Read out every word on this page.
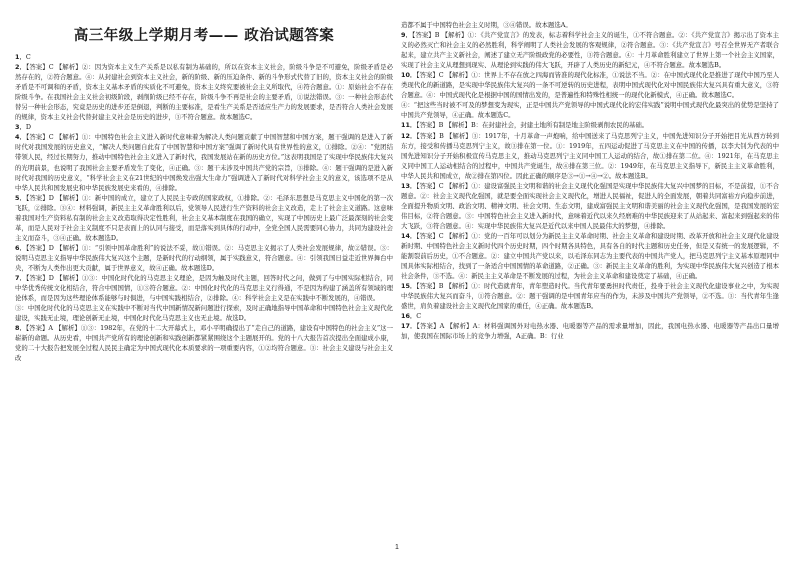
高三年级上学期月考—— 政治试题答案

1．C

2．【答案】C 【解析】②：因为资本主义生产关系是以私有制为基础的，所以在资本主义社会，阶级斗争是不可避免，阶级矛盾是必然存在的，②符合题意。④：从封建社会到资本主义社会，新的阶级、新的压迫条件、新的斗争形式代替了旧的，资本主义社会的阶级矛盾是不可调和的矛盾，资本主义基本矛盾的实质化不可避免，资本主义终究要被社会主义所取代，④符合题意。①：原始社会不存在阶级斗争。在我国社会主义社会初级阶段，剥削阶级已经不存在，阶级斗争不再是社会的主要矛盾，①说法错误。③：一种社会形态代替另一种社会形态，究竟是历史的进步还是倒退，判断的主要标准，是看生产关系是否适应生产力的发展要求，是否符合人类社会发展的规律，资本主义社会代替封建主义社会是历史的进步，③不符合题意。故本题选C。

3．D

4．【答案】C 【解析】①：中国特色社会主义进入新时代意味着为解决人类问题贡献了中国智慧和中国方案，题干强调的是进入了新时代对我国发展的历史意义，“解决人类问题自此有了中国智慧和中国方案”强调了新时代具有世界性的意义，①排除。②④：“党团结带领人民，经过长期努力，推动中国特色社会主义进入了新时代，我国发展站在新的历史方位。”这表明我国是了实现中华民族伟大复兴的光明前景，也说明了我国社会主要矛盾发生了变化，④正确。③：题干未涉及中国共产党的宗旨，③排除。④：题干强调的是进入新时代对我国的历史意义，“科学社会主义在21世纪的中国焕发出强大生命力”强调进入了新时代对科学社会主义的意义，该选项不是从中华人民共和国发展史和中华民族发展史来看的，④排除。

5．【答案】D 【解析】①：新中国的成立，建立了人民民主专政的国家政权，①排除。②：毛泽东思想是马克思主义中国化的第一次飞跃，②排除。③④：材料强调，新民主主义革命胜利以后，党领导人民进行生产资料的社会主义改造，走上了社会主义道路。这意味着我国对生产资料私有制的社会主义改造取得决定性胜利，社会主义基本制度在我国的确立，实现了中国历史上最广泛最深刻的社会变革，而是人民对于社会主义制度不只是表面上的认同与接受，而是落实到具体的行动中，全党全国人民需要同心协力，共同为建设社会主义而奋斗，③④正确。故本题选D。

6．【答案】D 【解析】①：“引领中国革命胜利”的说法不妥，故①错误。②：马克思主义揭示了人类社会发展规律，故②错误。③：说明马克思主义指导中华民族伟大复兴这个主题，是新时代的行动纲领，属于实践意义，符合题意。④：引领我国日益走近世界舞台中央，不断为人类作出更大贡献，属于世界意义，故④正确。故本题选D。

7．【答案】D 【解析】①③：中国化时代化的马克思主义理论，是因为触及时代主题，回答时代之问，做到了与中国实际相结合，同中华优秀传统文化相结合，符合中国国情，①③符合题意。②：中国化时代化的马克思主义行得通，不是因为构建了涵盖所有领域的理论体系，而是因为这些理论体系能够与时俱进，与中国实践相结合，②排除。④：科学社会主义是在实践中不断发展的，④错误。

③：中国化时代化的马克思主义在实践中不断对当代中国新情况新问题进行探索，及时正确地指导中国革命和中国特色社会主义现代化建设，实践无止境，理论创新无止境，中国化时代化马克思主义也无止境。故选D。

8．【答案】A 【解析】①③：1982年，在党的十二大开幕式上，邓小平明确提出了“走自己的道路，建设有中国特色的社会主义”这一崭新的命题。从历史看，中国共产党所有的理论创新和实践创新都紧紧围绕这个主题展开的。党的十八大报告首次提出全面建成小康，党的二十大报告把发展全过程人民民主确定为中国式现代化本质要求的一项重要内容，①②均符合题意。③：社会主义建设与社会主义改

造都不属于中国特色社会主义时期，③④错误。故本题选A。

9．【答案】B 【解析】①：《共产党宣言》的发表，标志着科学社会主义的诞生，①不符合题意。②：《共产党宣言》揭示出了资本主义的必然灭亡和社会主义的必然胜利，科学阐明了人类社会发展的客观规律，②符合题意。③：《共产党宣言》号召全世界无产者联合起来，建立共产主义新社会，阐述了建立无产阶级政党的必要性，③符合题意。④：十月革命胜利建立了世界上第一个社会主义国家，实现了社会主义从理想到现实、从理论到实践的伟大飞跃，开辟了人类历史的新纪元，④不符合题意。故本题选B。

10．【答案】C 【解析】①：世界上不存在放之四海而皆准的现代化标准，①说法不当。②：在中国式现代化是推进了现代中国乃至人类现代化的新道路，是实现中华民族伟大复兴的一条不可逆转的历史进程，表明中国式现代化对中国民族伟大复兴具有重大意义，③符合题意。④：中国式现代化是根据中国的国情出发的，是普遍性和特殊性相统一的现代化新模式，④正确。故本题选C。

④：“把这些当时被不可及的梦想变为现实，正是中国共产党领导的中国式现代化的宏伟实践”说明中国式现代化最突出的优势是坚持了中国共产党领导，④正确。故本题选C。

11．【答案】B 【解析】B：在封建社会，封建土地所有制是地主阶级剥削农民的基础。

12．【答案】B 【解析】③：1917年，十月革命一声炮响，给中国送来了马克思列宁主义，中国先进知识分子开始把目光从西方转到东方，接受和传播马克思列宁主义，故③排在第一位。①：1919年，五四运动促进了马克思主义在中国的传播，以李大钊为代表的中国先进知识分子开始积极宣传马克思主义，推动马克思列宁主义同中国工人运动的结合，故①排在第二位。④：1921年，在马克思主义同中国工人运动相结合的过程中，中国共产党诞生，故④排在第三位。②：1949年，在马克思主义指导下，新民主主义革命胜利，中华人民共和国成立，故②排在第四位。因此正确的顺序是③→①→④→②。故本题选B。

13．【答案】C 【解析】①：建设富强民主文明和谐的社会主义现代化强国是实现中华民族伟大复兴中国梦的目标，不是前提，①不合题意。②：社会主义现代化强国，就是要全面实现社会主义现代化，增进人民福祉，促进人的全面发展，朝着共同富裕方向稳步前进，全面提升物质文明、政治文明、精神文明、社会文明、生态文明，建成富强民主文明和谐美丽的社会主义现代化强国，是我国发展的宏伟目标，②符合题意。③：中国特色社会主义进入新时代，意味着近代以来久经磨难的中华民族迎来了从站起来、富起来到强起来的伟大飞跃，③符合题意。④：实现中华民族伟大复兴是近代以来中国人民最伟大的梦想，④排除。

14．【答案】C 【解析】①：党的一百年可以划分为新民主主义革命时期、社会主义革命和建设时期、改革开放和社会主义现代化建设新时期、中国特色社会主义新时代四个历史时期，四个时期各具特色，具有各自的时代主题和历史任务，但是又有统一的发展逻辑，不能割裂前后历史，①不合题意。②：建立中国共产党以来，以毛泽东同志为主要代表的中国共产党人，把马克思列宁主义基本原理同中国具体实际相结合，找到了一条适合中国国情的革命道路，②正确。③：新民主主义革命的胜利，为实现中华民族伟大复兴创造了根本社会条件，③不选。④：新民主主义革命是不断发展的过程，为社会主义革命和建设奠定了基础，④正确。

15．【答案】B 【解析】①：时代造就青年，青年塑造时代。当代青年要勇担时代责任，投身于社会主义现代化建设事业之中，为实现中华民族伟大复兴而奋斗，①符合题意。②：题干强调的是中国青年应当的作为，未涉及中国共产党领导，②不选。③：当代青年生逢盛世，肩负着建设社会主义现代化国家的重任，④正确。故本题选B。

16．C

17．【答案】A 【解析】A：材料强调国外对电热水器、电暖器等产品的需求量增加，因此，我国电热水器、电暖器等产品出口量增加，使我国在国际市场上的竞争力增强，A正确。B：行业

1
